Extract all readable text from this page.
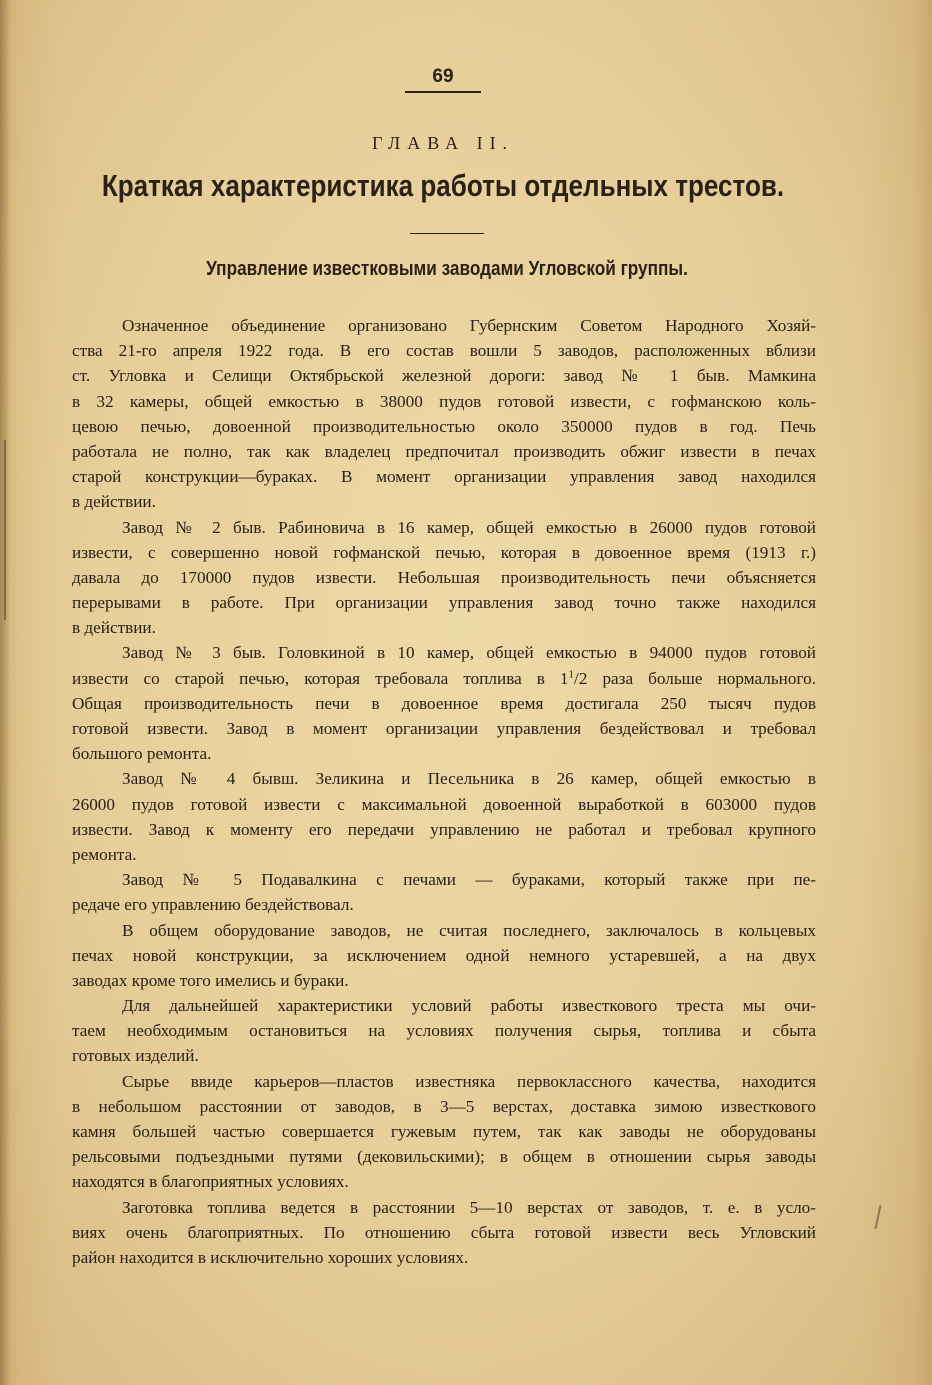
69
ГЛАВА II.
Краткая характеристика работы отдельных трестов.
Управление известковыми заводами Угловской группы.
Означенное объединение организовано Губернским Советом Народного Хозяй-
ства 21-го апреля 1922 года. В его состав вошли 5 заводов, расположенных вблизи
ст. Угловка и Селищи Октябрьской железной дороги: завод № 1 быв. Мамкина
в 32 камеры, общей емкостью в 38000 пудов готовой извести, с гофманскою коль-
цевою печью, довоенной производительностью около 350000 пудов в год. Печь
работала не полно, так как владелец предпочитал производить обжиг извести в печах
старой конструкции—бураках. В момент организации управления завод находился
в действии.
Завод № 2 быв. Рабиновича в 16 камер, общей емкостью в 26000 пудов готовой
извести, с совершенно новой гофманской печью, которая в довоенное время (1913 г.)
давала до 170000 пудов извести. Небольшая производительность печи объясняется
перерывами в работе. При организации управления завод точно также находился
в действии.
Завод № 3 быв. Головкиной в 10 камер, общей емкостью в 94000 пудов готовой
извести со старой печью, которая требовала топлива в $1^1/2$ раза больше нормального.
Общая производительность печи в довоенное время достигала 250 тысяч пудов
готовой извести. Завод в момент организации управления бездействовал и требовал
большого ремонта.
Завод № 4 бывш. Зеликина и Песельника в 26 камер, общей емкостью в
26000 пудов готовой извести с максимальной довоенной выработкой в 603000 пудов
извести. Завод к моменту его передачи управлению не работал и требовал крупного
ремонта.
Завод № 5 Подавалкина с печами — бураками, который также при пе-
редаче его управлению бездействовал.
В общем оборудование заводов, не считая последнего, заключалось в кольцевых
печах новой конструкции, за исключением одной немного устаревшей, а на двух
заводах кроме того имелись и бураки.
Для дальнейшей характеристики условий работы известкового треста мы очи-
таем необходимым остановиться на условиях получения сырья, топлива и сбыта
готовых изделий.
Сырье ввиде карьеров—пластов известняка первоклассного качества, находится
в небольшом расстоянии от заводов, в 3—5 верстах, доставка зимою известкового
камня большей частью совершается гужевым путем, так как заводы не оборудованы
рельсовыми подъездными путями (дековильскими); в общем в отношении сырья заводы
находятся в благоприятных условиях.
Заготовка топлива ведется в расстоянии 5—10 верстах от заводов, т. е. в усло-
виях очень благоприятных. По отношению сбыта готовой извести весь Угловский
район находится в исключительно хороших условиях.
